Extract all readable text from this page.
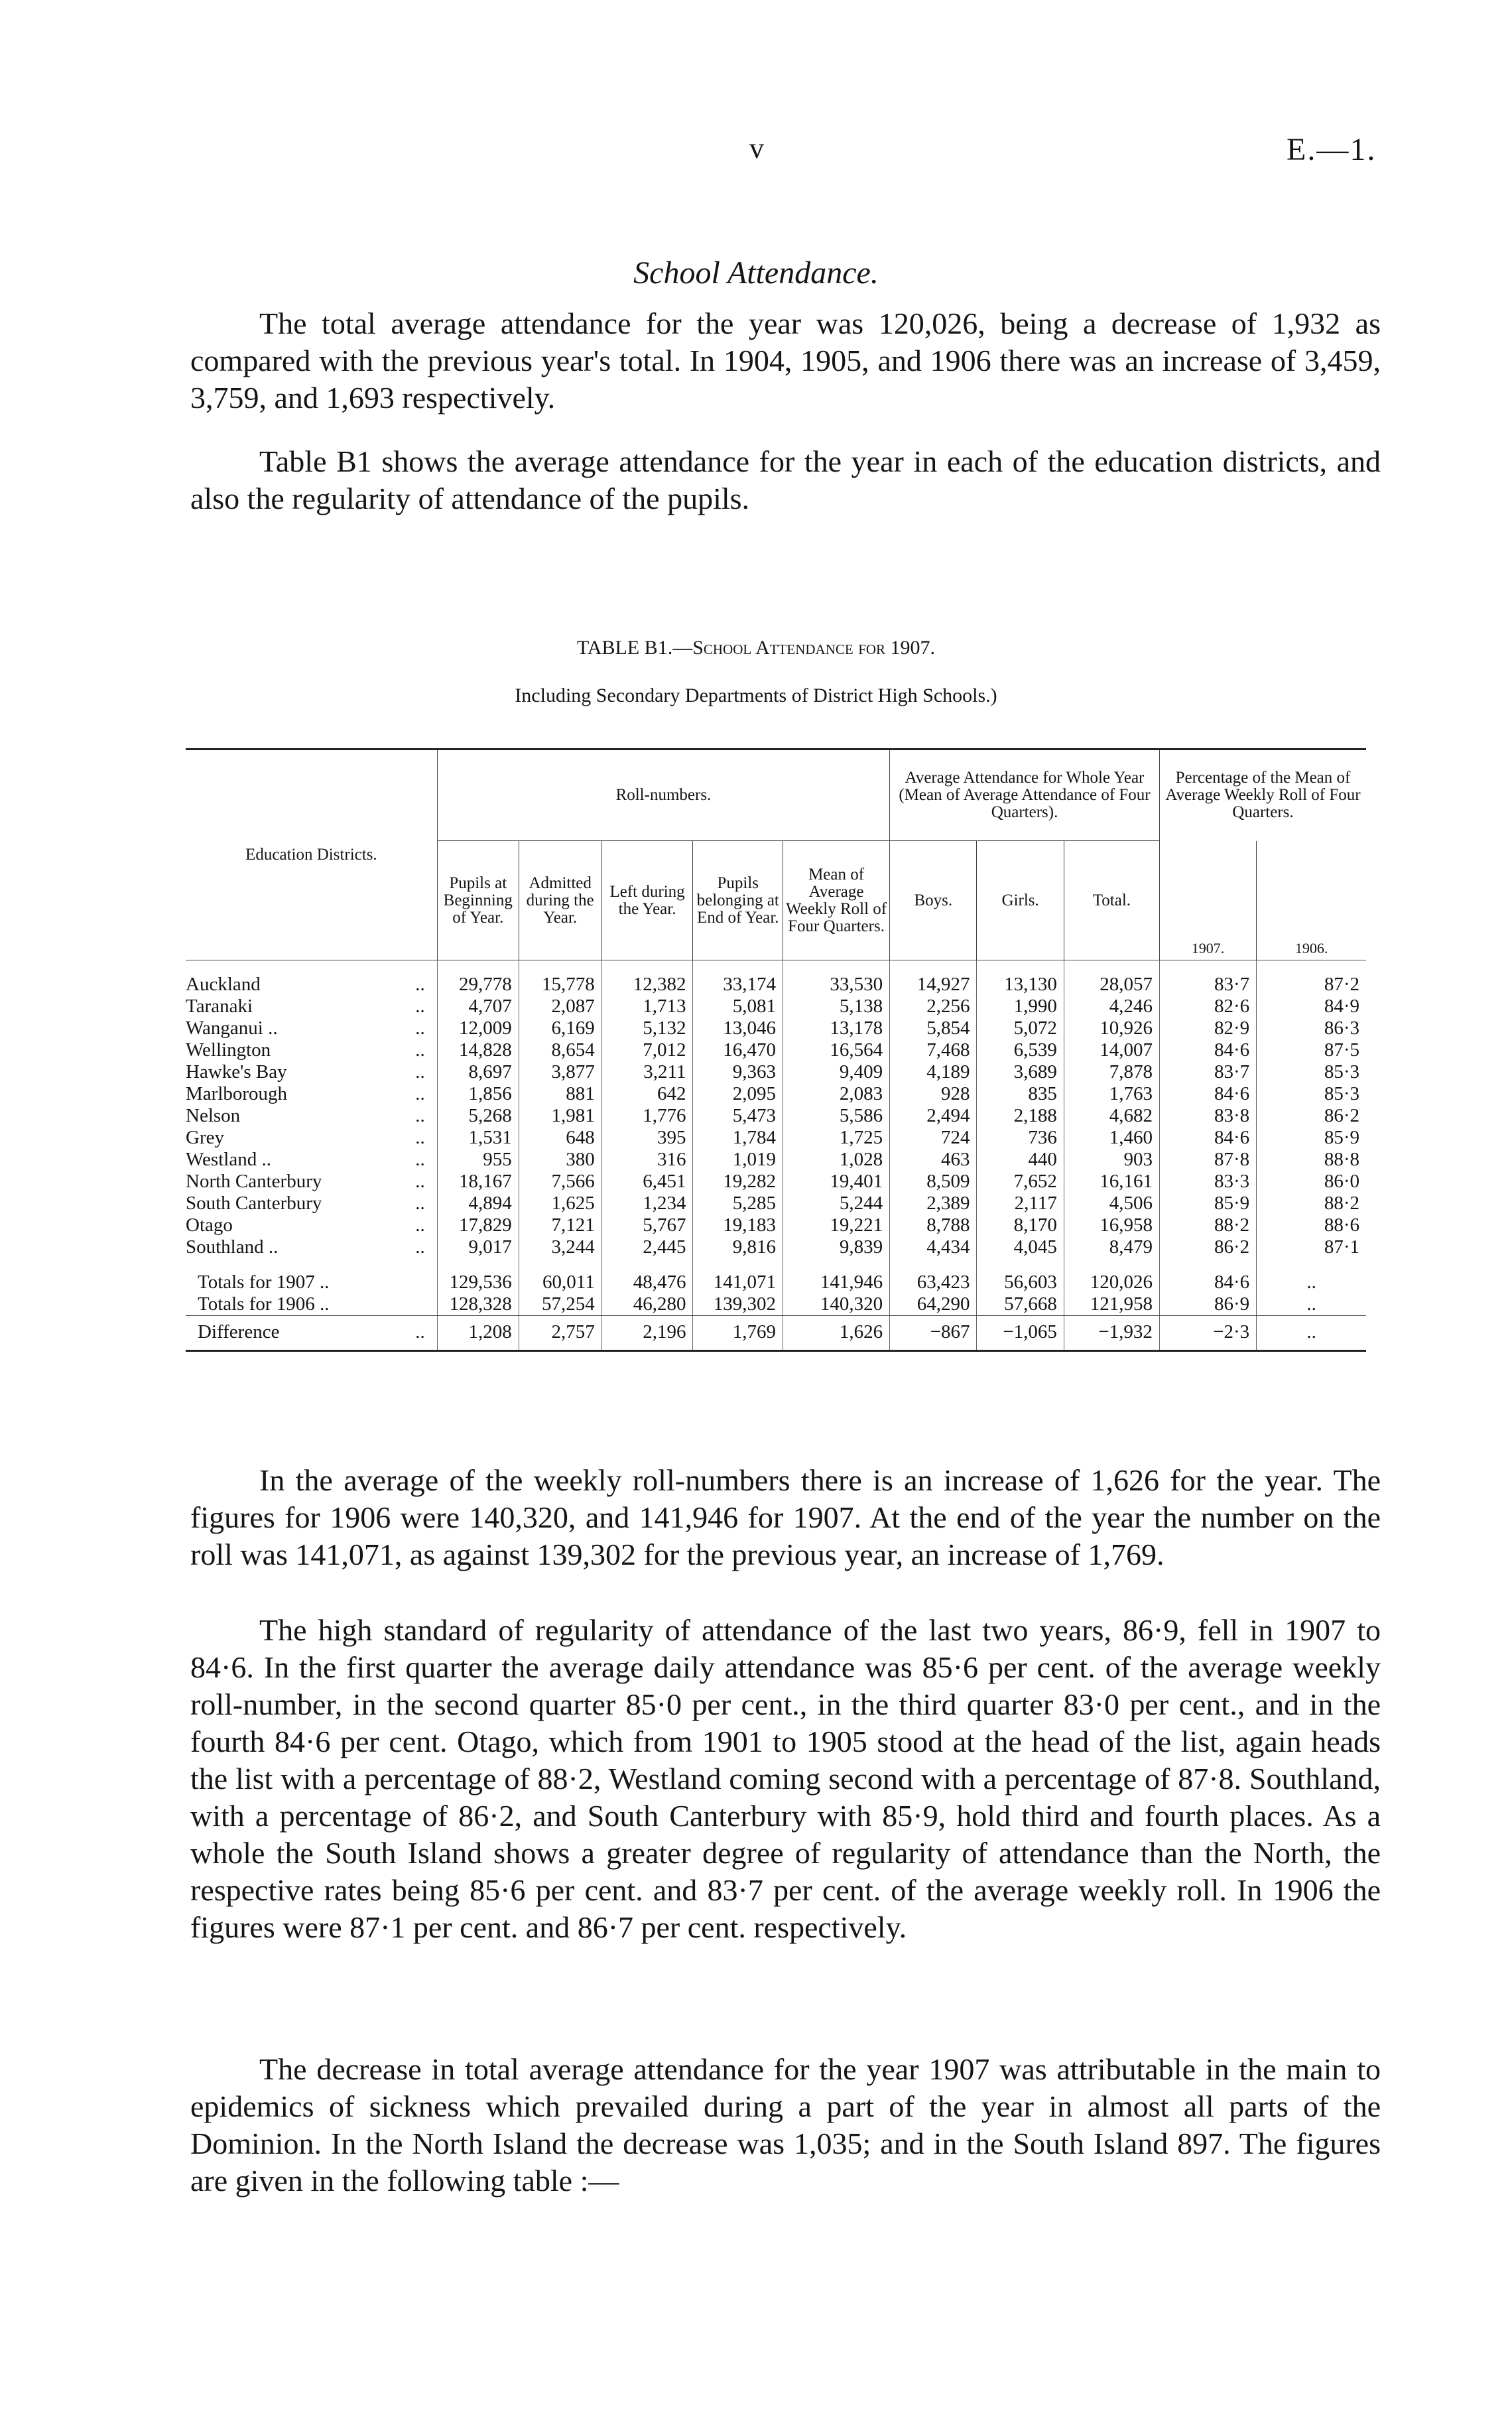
v	E.—1.
School Attendance.
The total average attendance for the year was 120,026, being a decrease of 1,932 as compared with the previous year's total. In 1904, 1905, and 1906 there was an increase of 3,459, 3,759, and 1,693 respectively.
Table B1 shows the average attendance for the year in each of the education districts, and also the regularity of attendance of the pupils.
TABLE B1.—School Attendance for 1907.
Including Secondary Departments of District High Schools.)
Education Districts.	Roll-numbers.					Average Attendance for Whole Year (Mean of Average Attendance of Four Quarters).			Percentage of the Mean of Average Weekly Roll of Four Quarters.	
	Pupils at Beginning of Year.	Admitted during the Year.	Left during the Year.	Pupils belonging at End of Year.	Mean of Average Weekly Roll of Four Quarters.	Boys.	Girls.	Total.	1907.	1906.

..
Auckland	29,778	15,778	12,382	33,174	33,530	14,927	13,130	28,057	83·7	87·2

..
Taranaki	4,707	2,087	1,713	5,081	5,138	2,256	1,990	4,246	82·6	84·9

..
Wanganui ..	12,009	6,169	5,132	13,046	13,178	5,854	5,072	10,926	82·9	86·3

..
Wellington	14,828	8,654	7,012	16,470	16,564	7,468	6,539	14,007	84·6	87·5

..
Hawke's Bay	8,697	3,877	3,211	9,363	9,409	4,189	3,689	7,878	83·7	85·3

..
Marlborough	1,856	881	642	2,095	2,083	928	835	1,763	84·6	85·3

..
Nelson	5,268	1,981	1,776	5,473	5,586	2,494	2,188	4,682	83·8	86·2

..
Grey	1,531	648	395	1,784	1,725	724	736	1,460	84·6	85·9

..
Westland ..	955	380	316	1,019	1,028	463	440	903	87·8	88·8

..
North Canterbury	18,167	7,566	6,451	19,282	19,401	8,509	7,652	16,161	83·3	86·0

..
South Canterbury	4,894	1,625	1,234	5,285	5,244	2,389	2,117	4,506	85·9	88·2

..
Otago	17,829	7,121	5,767	19,183	19,221	8,788	8,170	16,958	88·2	88·6

..
Southland ..	9,017	3,244	2,445	9,816	9,839	4,434	4,045	8,479	86·2	87·1

Totals for 1907 ..	129,536	60,011	48,476	141,071	141,946	63,423	56,603	120,026	84·6	..
Totals for 1906 ..	128,328	57,254	46,280	139,302	140,320	64,290	57,668	121,958	86·9	..

..
Difference	1,208	2,757	2,196	1,769	1,626	−867	−1,065	−1,932	−2·3	..
In the average of the weekly roll-numbers there is an increase of 1,626 for the year. The figures for 1906 were 140,320, and 141,946 for 1907. At the end of the year the number on the roll was 141,071, as against 139,302 for the previous year, an increase of 1,769.
The high standard of regularity of attendance of the last two years, 86·9, fell in 1907 to 84·6. In the first quarter the average daily attendance was 85·6 per cent. of the average weekly roll-number, in the second quarter 85·0 per cent., in the third quarter 83·0 per cent., and in the fourth 84·6 per cent. Otago, which from 1901 to 1905 stood at the head of the list, again heads the list with a percentage of 88·2, Westland coming second with a percentage of 87·8. Southland, with a percentage of 86·2, and South Canterbury with 85·9, hold third and fourth places. As a whole the South Island shows a greater degree of regularity of attendance than the North, the respective rates being 85·6 per cent. and 83·7 per cent. of the average weekly roll. In 1906 the figures were 87·1 per cent. and 86·7 per cent. respectively.
The decrease in total average attendance for the year 1907 was attributable in the main to epidemics of sickness which prevailed during a part of the year in almost all parts of the Dominion. In the North Island the decrease was 1,035; and in the South Island 897. The figures are given in the following table :—
